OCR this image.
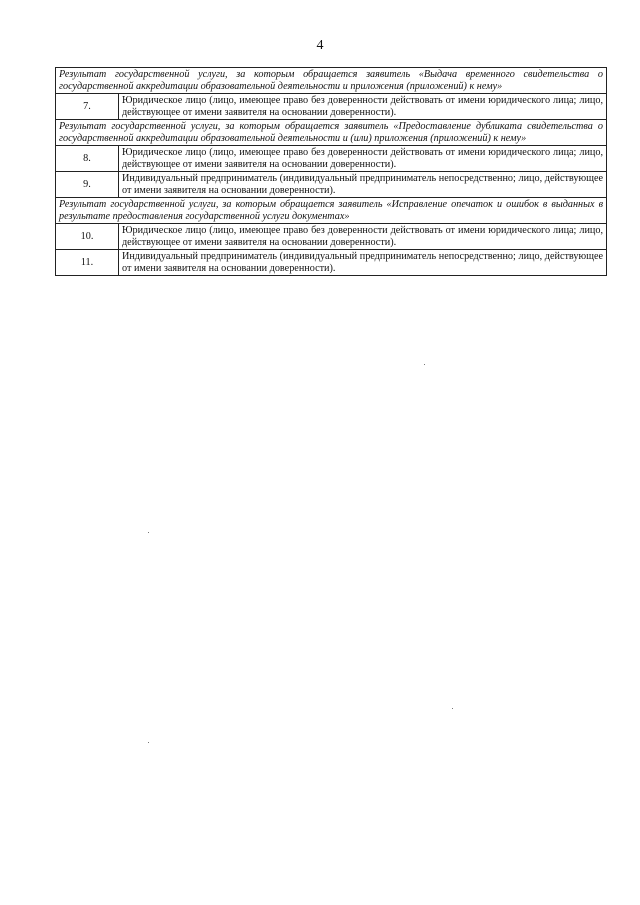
4
Результат государственной услуги, за которым обращается заявитель «Выдача временного свидетельства о государственной аккредитации образовательной деятельности и приложения (приложений) к нему»	
7.	Юридическое лицо (лицо, имеющее право без доверенности действовать от имени юридического лица; лицо, действующее от имени заявителя на основании доверенности).
Результат государственной услуги, за которым обращается заявитель «Предоставление дубликата свидетельства о государственной аккредитации образовательной деятельности и (или) приложения (приложений) к нему»	
8.	Юридическое лицо (лицо, имеющее право без доверенности действовать от имени юридического лица; лицо, действующее от имени заявителя на основании доверенности).
9.	Индивидуальный предприниматель (индивидуальный предприниматель непосредственно; лицо, действующее от имени заявителя на основании доверенности).
Результат государственной услуги, за которым обращается заявитель «Исправление опечаток и ошибок в выданных в результате предоставления государственной услуги документах»	
10.	Юридическое лицо (лицо, имеющее право без доверенности действовать от имени юридического лица; лицо, действующее от имени заявителя на основании доверенности).
11.	Индивидуальный предприниматель (индивидуальный предприниматель непосредственно; лицо, действующее от имени заявителя на основании доверенности).
